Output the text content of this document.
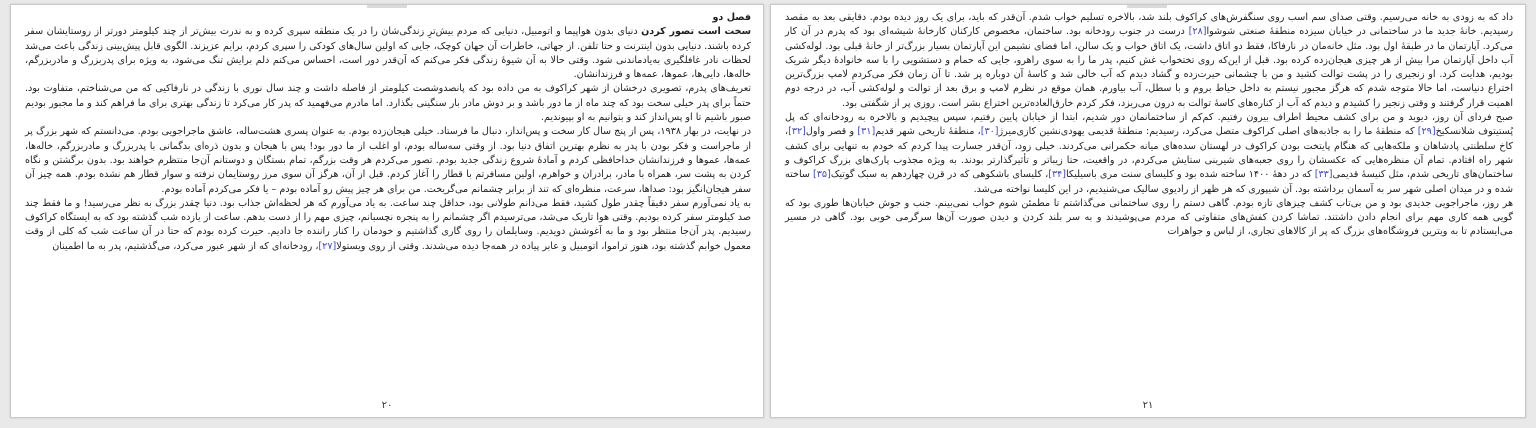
فصل دو

سخت است تصور کردن دنیای بدون هواپیما و اتومبیل، دنیایی که مردم بیش‌ترِ زندگی‌شان را در یک منطقه سپری کرده و به ندرت بیش‌تر از چند کیلومتر دورتر از روستایشان سفر کرده باشند. دنیایی بدون اینترنت و حتا تلفن. از جهاتی، خاطرات آن جهان کوچک، جایی که اولین سال‌های کودکی را سپری کردم، برایم عزیزند. الگوی قابل پیش‌بینی زندگی باعث می‌شد لحظات نادر غافلگیری به‌یادماندنی شود. وقتی حالا به آن شیوهٔ زندگی فکر می‌کنم که آن‌قدر دور است، احساس می‌کنم دلم برایش تنگ می‌شود، به ویژه برای پدربزرگ و مادربزرگم، خاله‌ها، دایی‌ها، عموها، عمه‌ها و فرزندانشان.

تعریف‌های پدرم، تصویری درخشان از شهر کراکوف به من داده بود که پانصدوشصت کیلومتر از فاصله داشت و چند سال نوری با زندگی در نارفاکیی که من می‌شناختم، متفاوت بود. حتماً برای پدر خیلی سخت بود که چند ماه از ما دور باشد و بر دوش مادر بار سنگینی بگذارد. اما مادرم می‌فهمید که پدر کار می‌کرد تا زندگی بهتری برای ما فراهم کند و ما مجبور بودیم صبور باشیم تا او پس‌انداز کند و بتوانیم به او بپیوندیم.

در نهایت، در بهار ۱۹۳۸، پس از پنج سال کار سخت و پس‌انداز، دنبال ما فرستاد. خیلی هیجان‌زده بودم. به عنوان پسری هشت‌ساله، عاشق ماجراجویی بودم. می‌دانستم که شهر بزرگ پر از ماجراست و فکر بودن با پدر به نظرم بهترین اتفاق دنیا بود. از وقتی سه‌ساله بودم، او اغلب از ما دور بود! پس با هیجان و بدون ذره‌ای بدگمانی با پدربزرگ و مادربزرگم، خاله‌ها، عمه‌ها، عموها و فرزندانشان خداحافظی کردم و آمادهٔ شروع زندگی جدید بودم. تصور می‌کردم هر وقت بزرگم، تمام بستگان و دوستانم آن‌جا منتظرم خواهند بود. بدون برگشتن و نگاه کردن به پشت سر، همراه با مادر، برادران و خواهرم، اولین مسافرتم با قطار را آغاز کردم. قبل از آن، هرگز آن سوی مرز روستایمان نرفته و سوار قطار هم نشده بودم. همه چیز آن سفر هیجان‌انگیز بود: صداها، سرعت، منظره‌ای که تند از برابر چشمانم می‌گریخت. من برای هر چیز پیش رو آماده بودم – یا فکر می‌کردم آماده بودم.

به یاد نمی‌آورم سفر دقیقاً چقدر طول کشید، فقط می‌دانم طولانی بود، حداقل چند ساعت. به یاد می‌آورم که هر لحظه‌اش جذاب بود. دنیا چقدر بزرگ به نظر می‌رسید! و ما فقط چند صد کیلومتر سفر کرده بودیم. وقتی هوا تاریک می‌شد، می‌ترسیدم اگر چشمانم را به پنجره نچسبانم، چیزی مهم را از دست بدهم. ساعت از یازده شب گذشته بود که به ایستگاه کراکوف رسیدیم. پدر آن‌جا منتظر بود و ما به آغوشش دویدیم. وسایلمان را روی گاری گذاشتیم و خودمان را کنار راننده جا دادیم. حیرت کرده بودم که حتا در آن ساعت شب که کلی از وقت معمول خوابم گذشته بود، هنوز تراموا، اتومبیل و عابر پیاده در همه‌جا دیده می‌شدند. وقتی از روی ویستولا[۲۷]، رودخانه‌ای که از شهر عبور می‌کرد، می‌گذشتیم، پدر به ما اطمینان

۲۰

داد که به زودی به خانه می‌رسیم. وقتی صدای سم اسب روی سنگفرش‌های کراکوف بلند شد، بالاخره تسلیم خواب شدم. آن‌قدر که باید، برای یک روز دیده بودم. دقایقی بعد به مقصد رسیدیم. خانهٔ جدید ما در ساختمانی در خیابان سیزده منطقهٔ صنعتی شوشوا[۲۸] درست در جنوب رودخانه بود. ساختمان، مخصوص کارکنان کارخانهٔ شیشه‌ای بود که پدرم در آن کار می‌کرد. آپارتمان ما در طبقهٔ اول بود. مثل خانه‌مان در نارفاکا، فقط دو اتاق داشت، یک اتاق خواب و یک سالن، اما فضای نشیمن این آپارتمان بسیار بزرگ‌تر از خانهٔ قبلی بود. لوله‌کشی آب داخل آپارتمان مرا بیش از هر چیزی هیجان‌زده کرده بود. قبل از این‌که روی تختخواب غش کنیم، پدر ما را به سوی راهرو، جایی که حمام و دستشویی را با سه خانوادهٔ دیگر شریک بودیم، هدایت کرد. او زنجیری را در پشت توالت کشید و من با چشمانی حیرت‌زده و گشاد دیدم که آب خالی شد و کاسهٔ آن دوباره پر شد. تا آن زمان فکر می‌کردم لامپ بزرگ‌ترین اختراع دنیاست، اما حالا متوجه شدم که هرگز مجبور نیستم به داخل حیاط بروم و با سطل، آب بیاورم. همان موقع در نظرم لامپ و برق بعد از توالت و لوله‌کشی آب، در درجه دوم اهمیت قرار گرفتند و وقتی زنجیر را کشیدم و دیدم که آب از کناره‌های کاسهٔ توالت به درون می‌ریزد، فکر کردم خارق‌العاده‌ترین اختراع بشر است. روزی پر از شگفتی بود.

صبح فردای آن روز، دیوید و من برای کشف محیط اطراف بیرون رفتیم. کم‌کم از ساختمانمان دور شدیم، ابتدا از خیابان پایین رفتیم، سپس پیچیدیم و بالاخره به رودخانه‌ای که پل پُستیتوف شلانسکیخ[۲۹] که منطقهٔ ما را به جاذبه‌های اصلی کراکوف متصل می‌کرد، رسیدیم: منطقهٔ قدیمی یهودی‌نشین کازی‌میرژ[۳۰]، منطقهٔ تاریخی شهر قدیم[۳۱] و قصر واول[۳۲]، کاخ سلطنتی پادشاهان و ملکه‌هایی که هنگام پایتخت بودن کراکوف در لهستان سده‌های میانه حکمرانی می‌کردند. خیلی زود، آن‌قدر جسارت پیدا کردم که خودم به تنهایی برای کشف شهر راه افتادم. تمام آن منظره‌هایی که عکسشان را روی جعبه‌های شیرینی ستایش می‌کردم، در واقعیت، حتا زیباتر و تأثیرگذارتر بودند. به ویژه مجذوب پارک‌های بزرگ کراکوف و ساختمان‌های تاریخی شدم، مثل کنیسهٔ قدیمی[۳۳] که در دههٔ ۱۴۰۰ ساخته شده بود و کلیسای سنت مری باسیلیکا[۳۴]، کلیسای باشکوهی که در قرن چهاردهم به سبک گوتیک[۳۵] ساخته شده و در میدان اصلی شهر سر به آسمان برداشته بود. آن شیپوری که هر ظهر از رادیوی سالیک می‌شنیدیم، در این کلیسا نواخته می‌شد.

هر روز، ماجراجویی جدیدی بود و من بی‌تاب کشف چیزهای تازه بودم. گاهی دستم را روی ساختمانی می‌گذاشتم تا مطمئن شوم خواب نمی‌بینم. جنب و جوش خیابان‌ها طوری بود که گویی همه کاری مهم برای انجام دادن داشتند. تماشا کردن کفش‌های متفاوتی که مردم می‌پوشیدند و به سر بلند کردن و دیدن صورت آن‌ها سرگرمی خوبی بود. گاهی در مسیر می‌ایستادم تا به ویترین فروشگاه‌های بزرگ که پر از کالاهای تجاری، از لباس و جواهرات

۲۱
